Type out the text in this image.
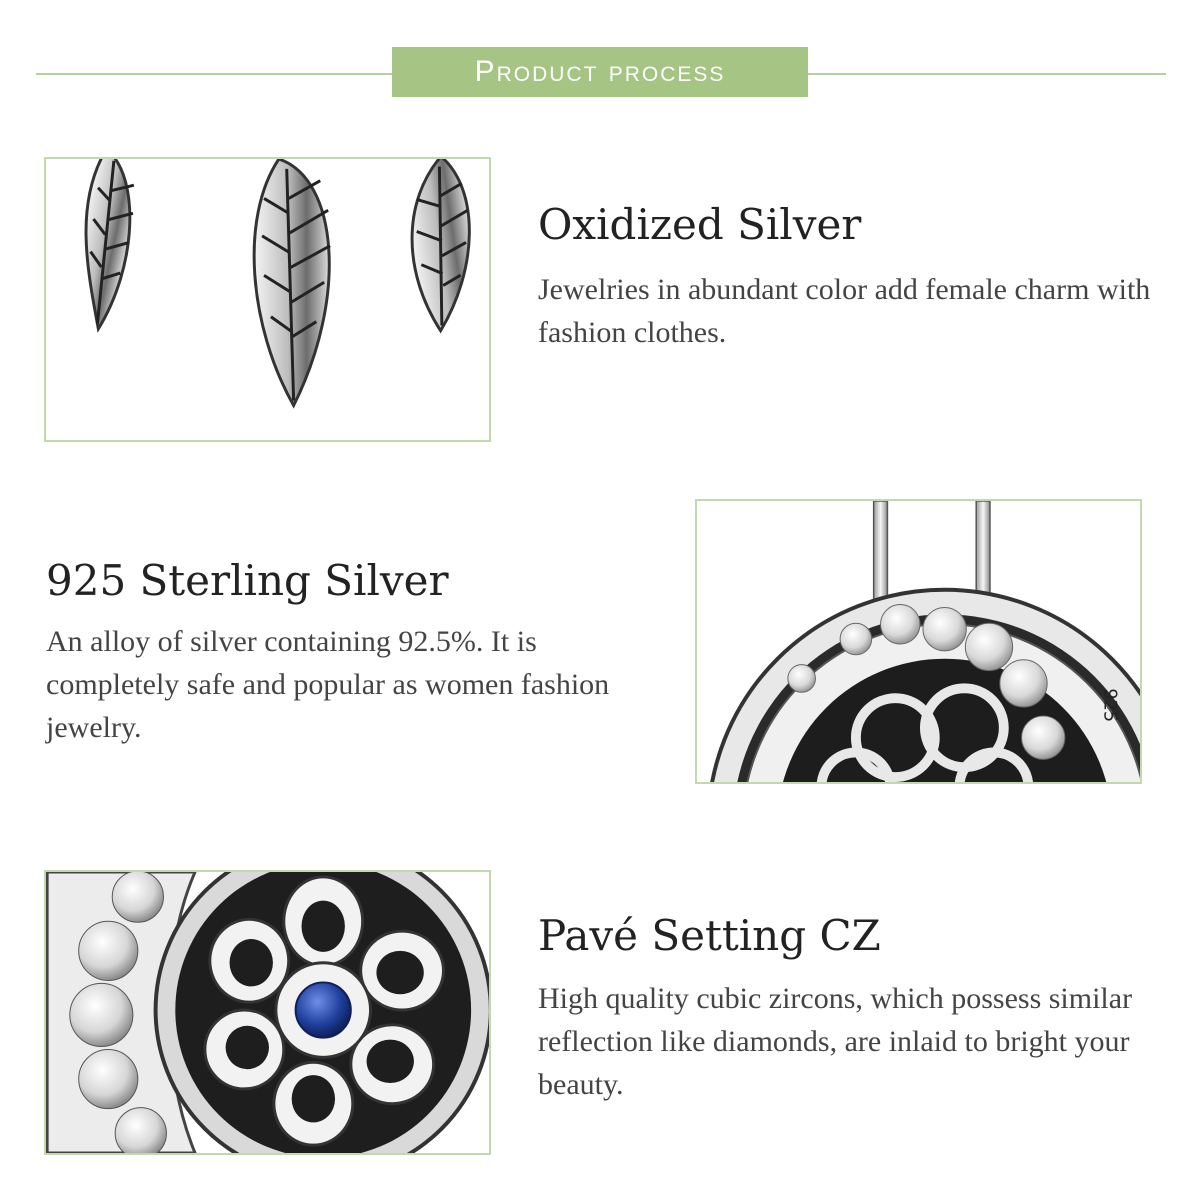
Product process
Oxidized Silver

Jewelries in abundant color add female charm with fashion clothes.

925 Sterling Silver

An alloy of silver containing 92.5%. It is completely safe and popular as women fashion jewelry.

925
Pavé Setting CZ

High quality cubic zircons, which possess similar reflection like diamonds, are inlaid to bright your beauty.
